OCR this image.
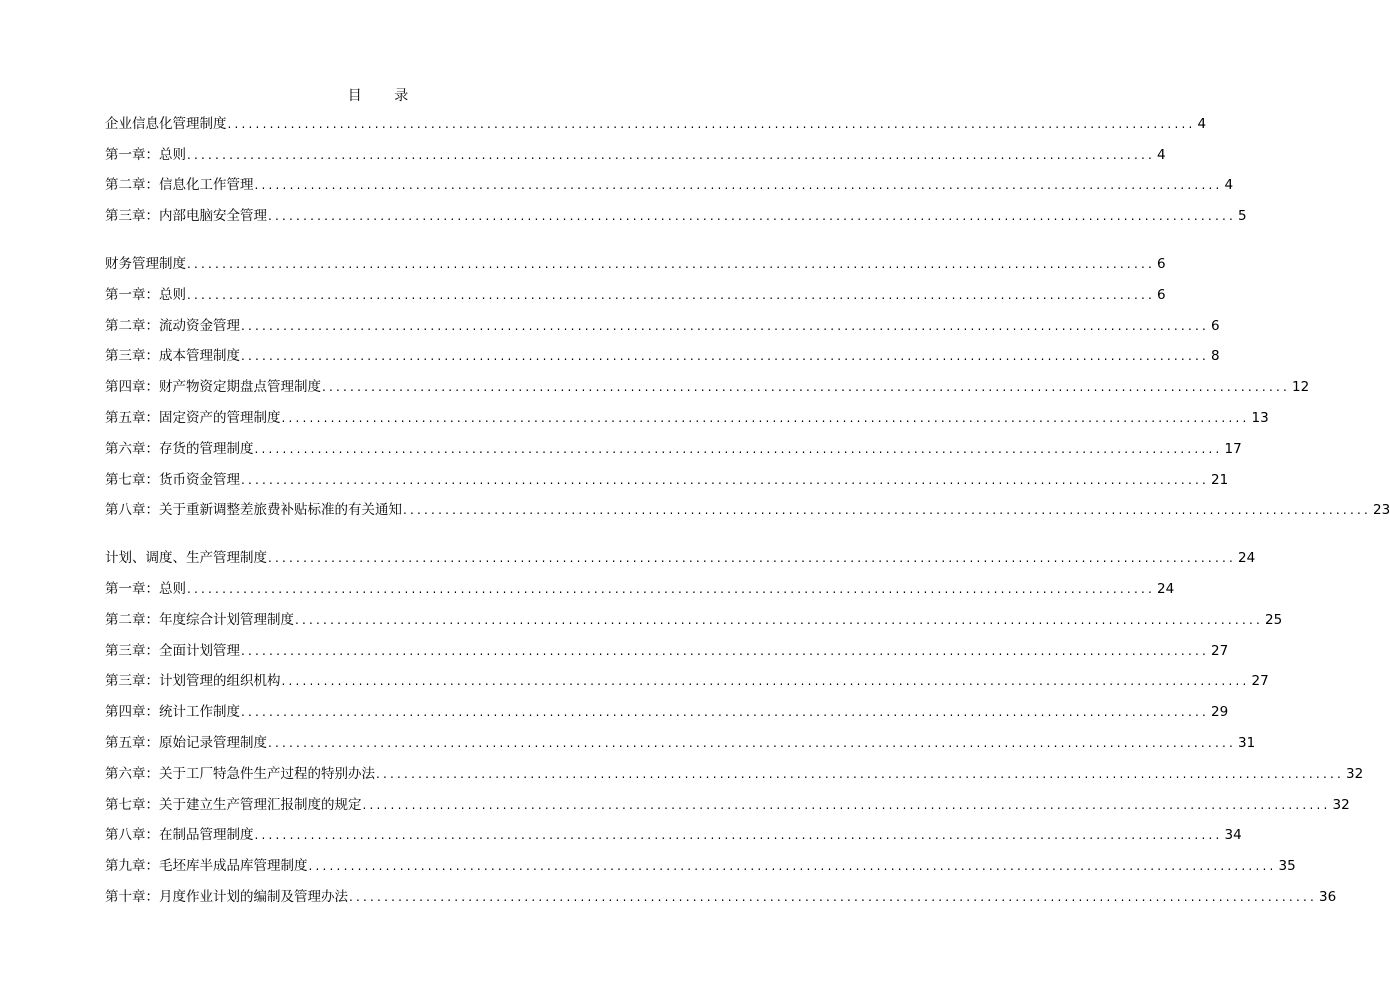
目 录
企业信息化管理制度 .......................................................................................................................................... 4
第一章：总则 .......................................................................................................................................... 4
第二章：信息化工作管理 .......................................................................................................................................... 4
第三章：内部电脑安全管理 .......................................................................................................................................... 5
财务管理制度 .......................................................................................................................................... 6
第一章：总则 .......................................................................................................................................... 6
第二章：流动资金管理 .......................................................................................................................................... 6
第三章：成本管理制度 .......................................................................................................................................... 8
第四章：财产物资定期盘点管理制度 .......................................................................................................................................... 12
第五章：固定资产的管理制度 .......................................................................................................................................... 13
第六章：存货的管理制度 .......................................................................................................................................... 17
第七章：货币资金管理 .......................................................................................................................................... 21
第八章：关于重新调整差旅费补贴标准的有关通知 .......................................................................................................................................... 23
计划、调度、生产管理制度 .......................................................................................................................................... 24
第一章：总则 .......................................................................................................................................... 24
第二章：年度综合计划管理制度 .......................................................................................................................................... 25
第三章：全面计划管理 .......................................................................................................................................... 27
第三章：计划管理的组织机构 .......................................................................................................................................... 27
第四章：统计工作制度 .......................................................................................................................................... 29
第五章：原始记录管理制度 .......................................................................................................................................... 31
第六章：关于工厂特急件生产过程的特别办法 .......................................................................................................................................... 32
第七章：关于建立生产管理汇报制度的规定 .......................................................................................................................................... 32
第八章：在制品管理制度 .......................................................................................................................................... 34
第九章：毛坯库半成品库管理制度 .......................................................................................................................................... 35
第十章：月度作业计划的编制及管理办法 .......................................................................................................................................... 36
